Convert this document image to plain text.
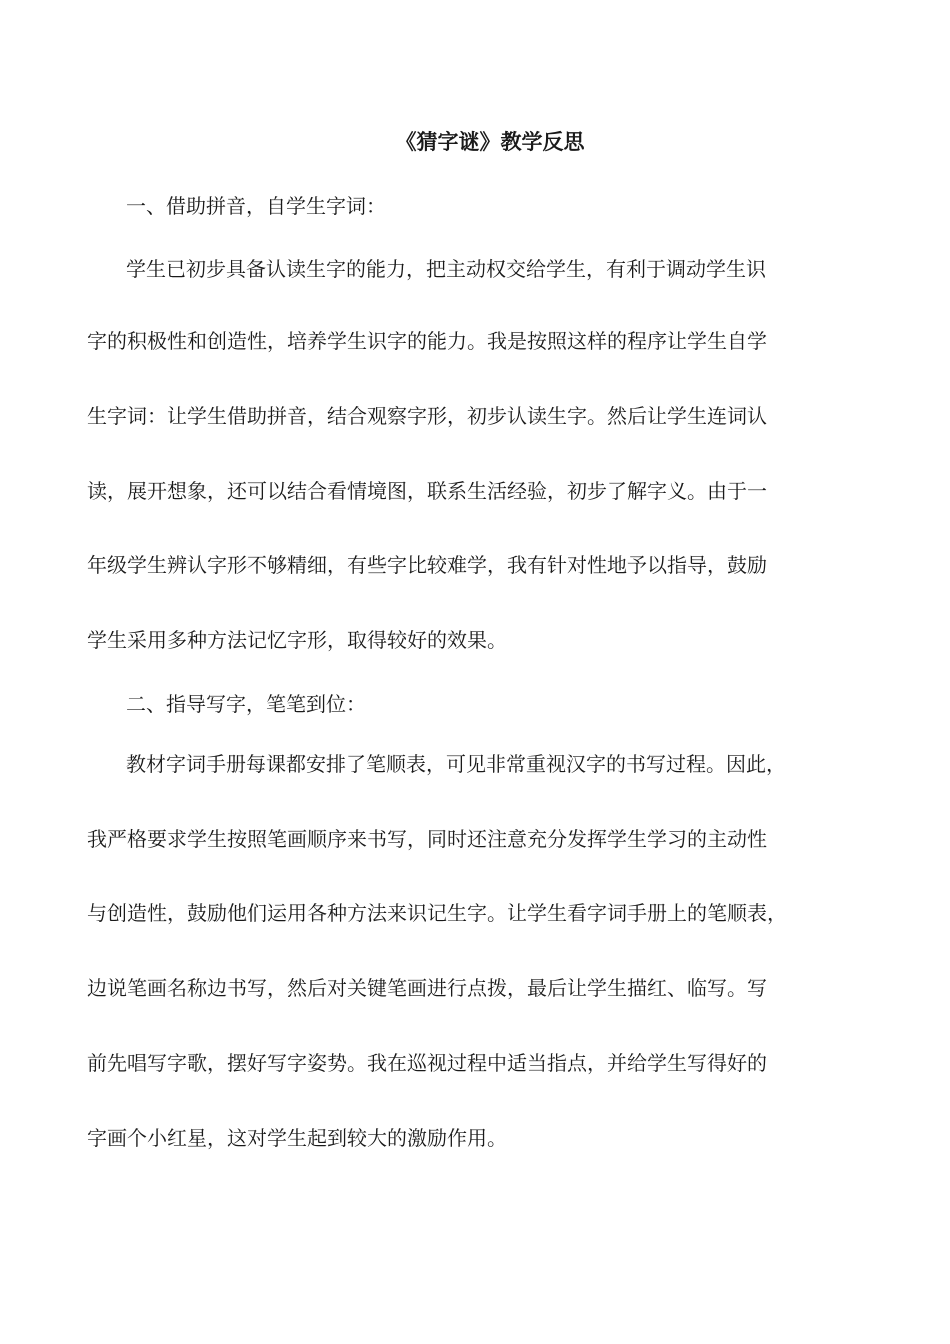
《猜字谜》教学反思
一、借助拼音，自学生字词：
学生已初步具备认读生字的能力，把主动权交给学生，有利于调动学生识
字的积极性和创造性，培养学生识字的能力。我是按照这样的程序让学生自学
生字词：让学生借助拼音，结合观察字形，初步认读生字。然后让学生连词认
读，展开想象，还可以结合看情境图，联系生活经验，初步了解字义。由于一
年级学生辨认字形不够精细，有些字比较难学，我有针对性地予以指导，鼓励
学生采用多种方法记忆字形，取得较好的效果。
二、指导写字，笔笔到位：
教材字词手册每课都安排了笔顺表，可见非常重视汉字的书写过程。因此，
我严格要求学生按照笔画顺序来书写，同时还注意充分发挥学生学习的主动性
与创造性，鼓励他们运用各种方法来识记生字。让学生看字词手册上的笔顺表，
边说笔画名称边书写，然后对关键笔画进行点拨，最后让学生描红、临写。写
前先唱写字歌，摆好写字姿势。我在巡视过程中适当指点，并给学生写得好的
字画个小红星，这对学生起到较大的激励作用。
